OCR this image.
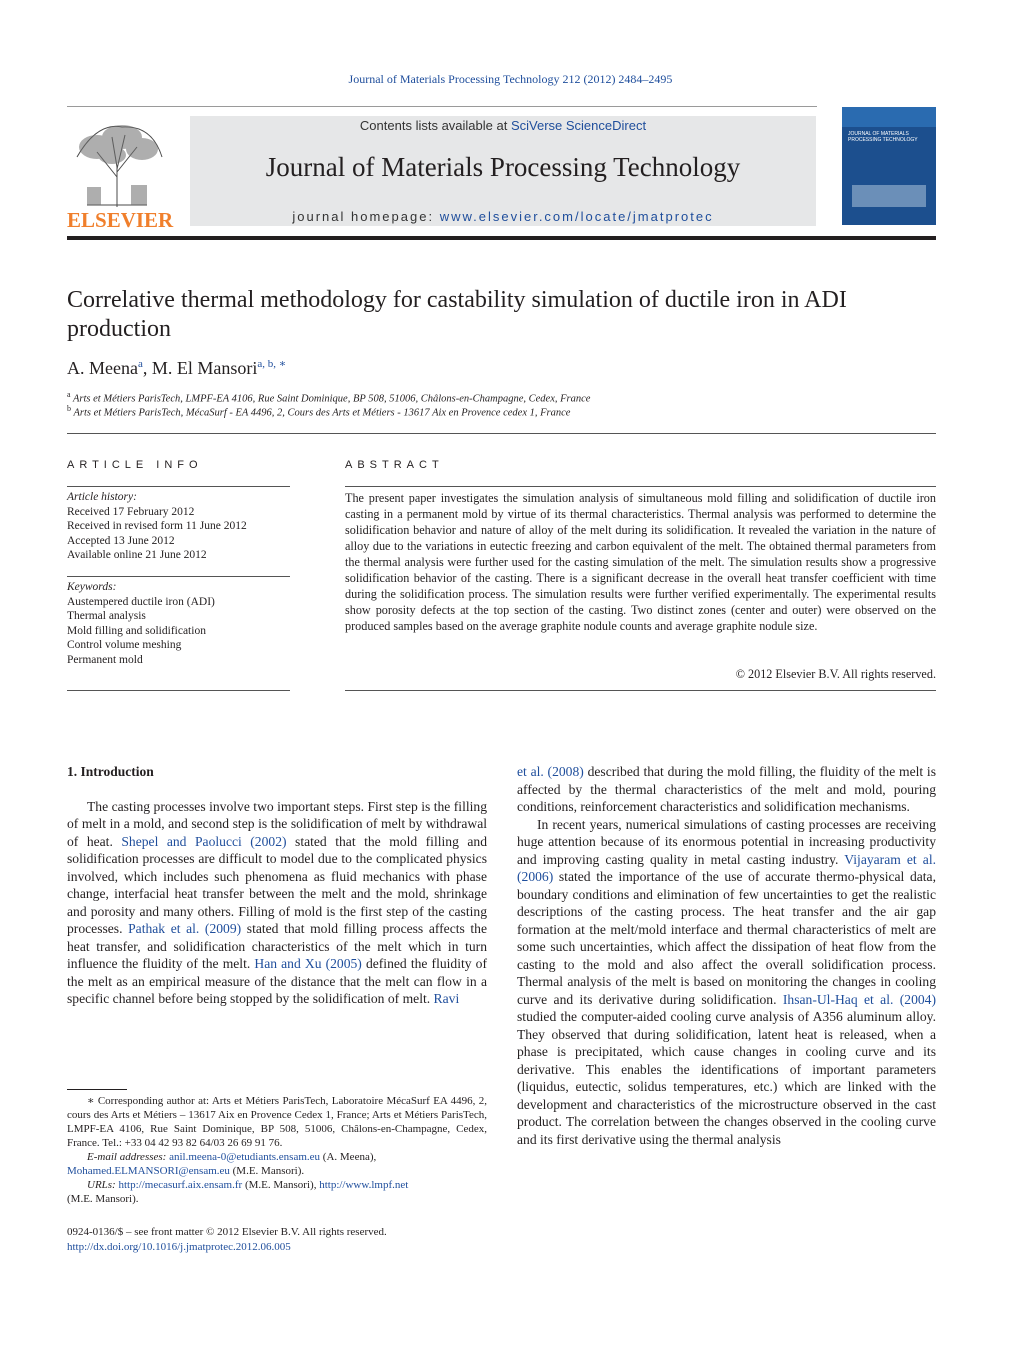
Journal of Materials Processing Technology 212 (2012) 2484–2495
ELSEVIER
Contents lists available at SciVerse ScienceDirect
Journal of Materials Processing Technology
journal homepage: www.elsevier.com/locate/jmatprotec
JOURNAL OF MATERIALS PROCESSING TECHNOLOGY
Correlative thermal methodology for castability simulation of ductile iron in ADI production
A. Meena$^a$, M. El Mansori$^{a, b, ∗}$
$^a$ Arts et Métiers ParisTech, LMPF-EA 4106, Rue Saint Dominique, BP 508, 51006, Châlons-en-Champagne, Cedex, France
$^b$ Arts et Métiers ParisTech, MécaSurf - EA 4496, 2, Cours des Arts et Métiers - 13617 Aix en Provence cedex 1, France
ARTICLE INFO
Article history:
Received 17 February 2012
Received in revised form 11 June 2012
Accepted 13 June 2012
Available online 21 June 2012
Keywords:
Austempered ductile iron (ADI)
Thermal analysis
Mold filling and solidification
Control volume meshing
Permanent mold
ABSTRACT
The present paper investigates the simulation analysis of simultaneous mold filling and solidification of ductile iron casting in a permanent mold by virtue of its thermal characteristics. Thermal analysis was performed to determine the solidification behavior and nature of alloy of the melt during its solidification. It revealed the variation in the nature of alloy due to the variations in eutectic freezing and carbon equivalent of the melt. The obtained thermal parameters from the thermal analysis were further used for the casting simulation of the melt. The simulation results show a progressive solidification behavior of the casting. There is a significant decrease in the overall heat transfer coefficient with time during the solidification process. The simulation results were further verified experimentally. The experimental results show porosity defects at the top section of the casting. Two distinct zones (center and outer) were observed on the produced samples based on the average graphite nodule counts and average graphite nodule size.
© 2012 Elsevier B.V. All rights reserved.

1. Introduction

The casting processes involve two important steps. First step is the filling of melt in a mold, and second step is the solidification of melt by withdrawal of heat. Shepel and Paolucci (2002) stated that the mold filling and solidification processes are difficult to model due to the complicated physics involved, which includes such phenomena as fluid mechanics with phase change, interfacial heat transfer between the melt and the mold, shrinkage and porosity and many others. Filling of mold is the first step of the casting processes. Pathak et al. (2009) stated that mold filling process affects the heat transfer, and solidification characteristics of the melt which in turn influence the fluidity of the melt. Han and Xu (2005) defined the fluidity of the melt as an empirical measure of the distance that the melt can flow in a specific channel before being stopped by the solidification of melt. Ravi

∗ Corresponding author at: Arts et Métiers ParisTech, Laboratoire MécaSurf EA 4496, 2, cours des Arts et Métiers – 13617 Aix en Provence Cedex 1, France; Arts et Métiers ParisTech, LMPF-EA 4106, Rue Saint Dominique, BP 508, 51006, Châlons-en-Champagne, Cedex, France. Tel.: +33 04 42 93 82 64/03 26 69 91 76.
E-mail addresses: anil.meena-0@etudiants.ensam.eu (A. Meena),
Mohamed.ELMANSORI@ensam.eu (M.E. Mansori).
URLs: http://mecasurf.aix.ensam.fr (M.E. Mansori), http://www.lmpf.net
(M.E. Mansori).
0924-0136/$ – see front matter © 2012 Elsevier B.V. All rights reserved.
http://dx.doi.org/10.1016/j.jmatprotec.2012.06.005

et al. (2008) described that during the mold filling, the fluidity of the melt is affected by the thermal characteristics of the melt and mold, pouring conditions, reinforcement characteristics and solidification mechanisms.

In recent years, numerical simulations of casting processes are receiving huge attention because of its enormous potential in increasing productivity and improving casting quality in metal casting industry. Vijayaram et al. (2006) stated the importance of the use of accurate thermo-physical data, boundary conditions and elimination of few uncertainties to get the realistic descriptions of the casting process. The heat transfer and the air gap formation at the melt/mold interface and thermal characteristics of melt are some such uncertainties, which affect the dissipation of heat flow from the casting to the mold and also affect the overall solidification process. Thermal analysis of the melt is based on monitoring the changes in cooling curve and its derivative during solidification. Ihsan-Ul-Haq et al. (2004) studied the computer-aided cooling curve analysis of A356 aluminum alloy. They observed that during solidification, latent heat is released, when a phase is precipitated, which cause changes in cooling curve and its derivative. This enables the identifications of important parameters (liquidus, eutectic, solidus temperatures, etc.) which are linked with the development and characteristics of the microstructure observed in the cast product. The correlation between the changes observed in the cooling curve and its first derivative using the thermal analysis
